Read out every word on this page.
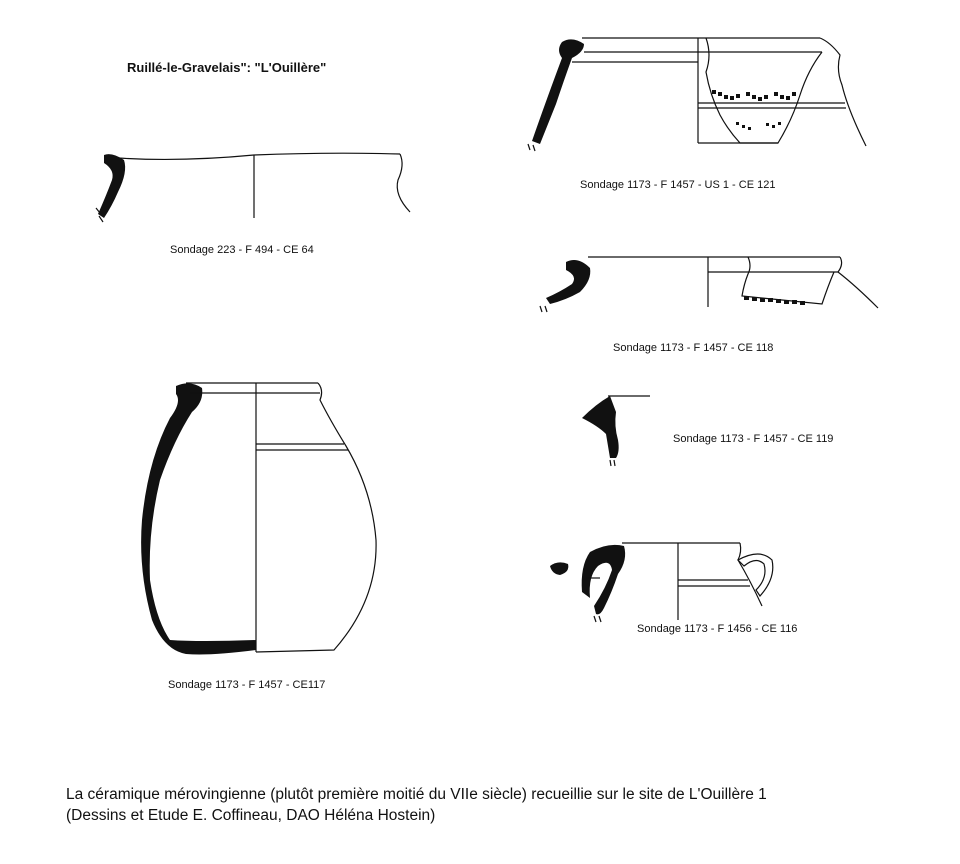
Ruillé-le-Gravelais": "L'Ouillère"
Sondage 223 - F 494 - CE 64
Sondage 1173 - F 1457 - US 1 - CE 121
Sondage 1173 - F 1457 - CE 118
Sondage 1173 - F 1457 - CE 119
Sondage 1173 - F 1457 - CE117
Sondage 1173 - F 1456 - CE 116
La céramique mérovingienne (plutôt première moitié du VIIe siècle) recueillie sur le site de L'Ouillère 1
(Dessins et Etude E. Coffineau, DAO Héléna Hostein)
